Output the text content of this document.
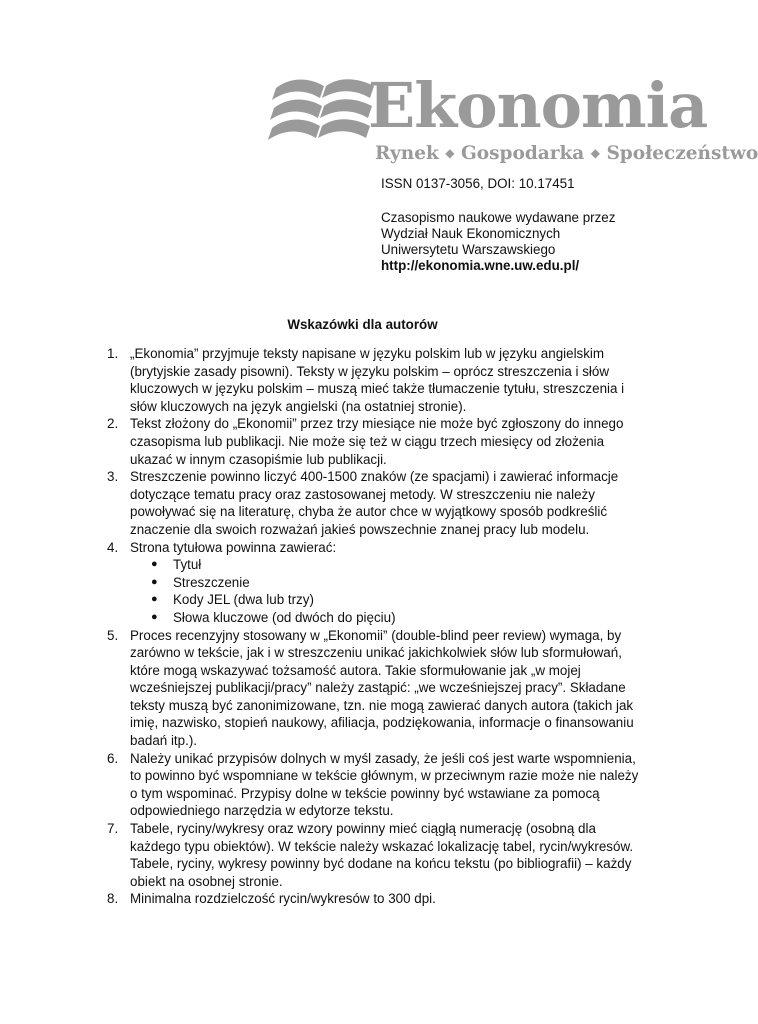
Ekonomia
Rynek ◆ Gospodarka ◆ Społeczeństwo
ISSN 0137-3056, DOI: 10.17451
Czasopismo naukowe wydawane przez
Wydział Nauk Ekonomicznych
Uniwersytetu Warszawskiego
http://ekonomia.wne.uw.edu.pl/
Wskazówki dla autorów
1. „Ekonomia” przyjmuje teksty napisane w języku polskim lub w języku angielskim
(brytyjskie zasady pisowni). Teksty w języku polskim – oprócz streszczenia i słów
kluczowych w języku polskim – muszą mieć także tłumaczenie tytułu, streszczenia i
słów kluczowych na język angielski (na ostatniej stronie).
2. Tekst złożony do „Ekonomii” przez trzy miesiące nie może być zgłoszony do innego
czasopisma lub publikacji. Nie może się też w ciągu trzech miesięcy od złożenia
ukazać w innym czasopiśmie lub publikacji.
3. Streszczenie powinno liczyć 400-1500 znaków (ze spacjami) i zawierać informacje
dotyczące tematu pracy oraz zastosowanej metody. W streszczeniu nie należy
powoływać się na literaturę, chyba że autor chce w wyjątkowy sposób podkreślić
znaczenie dla swoich rozważań jakieś powszechnie znanej pracy lub modelu.
4. Strona tytułowa powinna zawierać:
● Tytuł
● Streszczenie
● Kody JEL (dwa lub trzy)
● Słowa kluczowe (od dwóch do pięciu)
5. Proces recenzyjny stosowany w „Ekonomii” (double-blind peer review) wymaga, by
zarówno w tekście, jak i w streszczeniu unikać jakichkolwiek słów lub sformułowań,
które mogą wskazywać tożsamość autora. Takie sformułowanie jak „w mojej
wcześniejszej publikacji/pracy” należy zastąpić: „we wcześniejszej pracy”. Składane
teksty muszą być zanonimizowane, tzn. nie mogą zawierać danych autora (takich jak
imię, nazwisko, stopień naukowy, afiliacja, podziękowania, informacje o finansowaniu
badań itp.).
6. Należy unikać przypisów dolnych w myśl zasady, że jeśli coś jest warte wspomnienia,
to powinno być wspomniane w tekście głównym, w przeciwnym razie może nie należy
o tym wspominać. Przypisy dolne w tekście powinny być wstawiane za pomocą
odpowiedniego narzędzia w edytorze tekstu.
7. Tabele, ryciny/wykresy oraz wzory powinny mieć ciągłą numerację (osobną dla
każdego typu obiektów). W tekście należy wskazać lokalizację tabel, rycin/wykresów.
Tabele, ryciny, wykresy powinny być dodane na końcu tekstu (po bibliografii) – każdy
obiekt na osobnej stronie.
8. Minimalna rozdzielczość rycin/wykresów to 300 dpi.
